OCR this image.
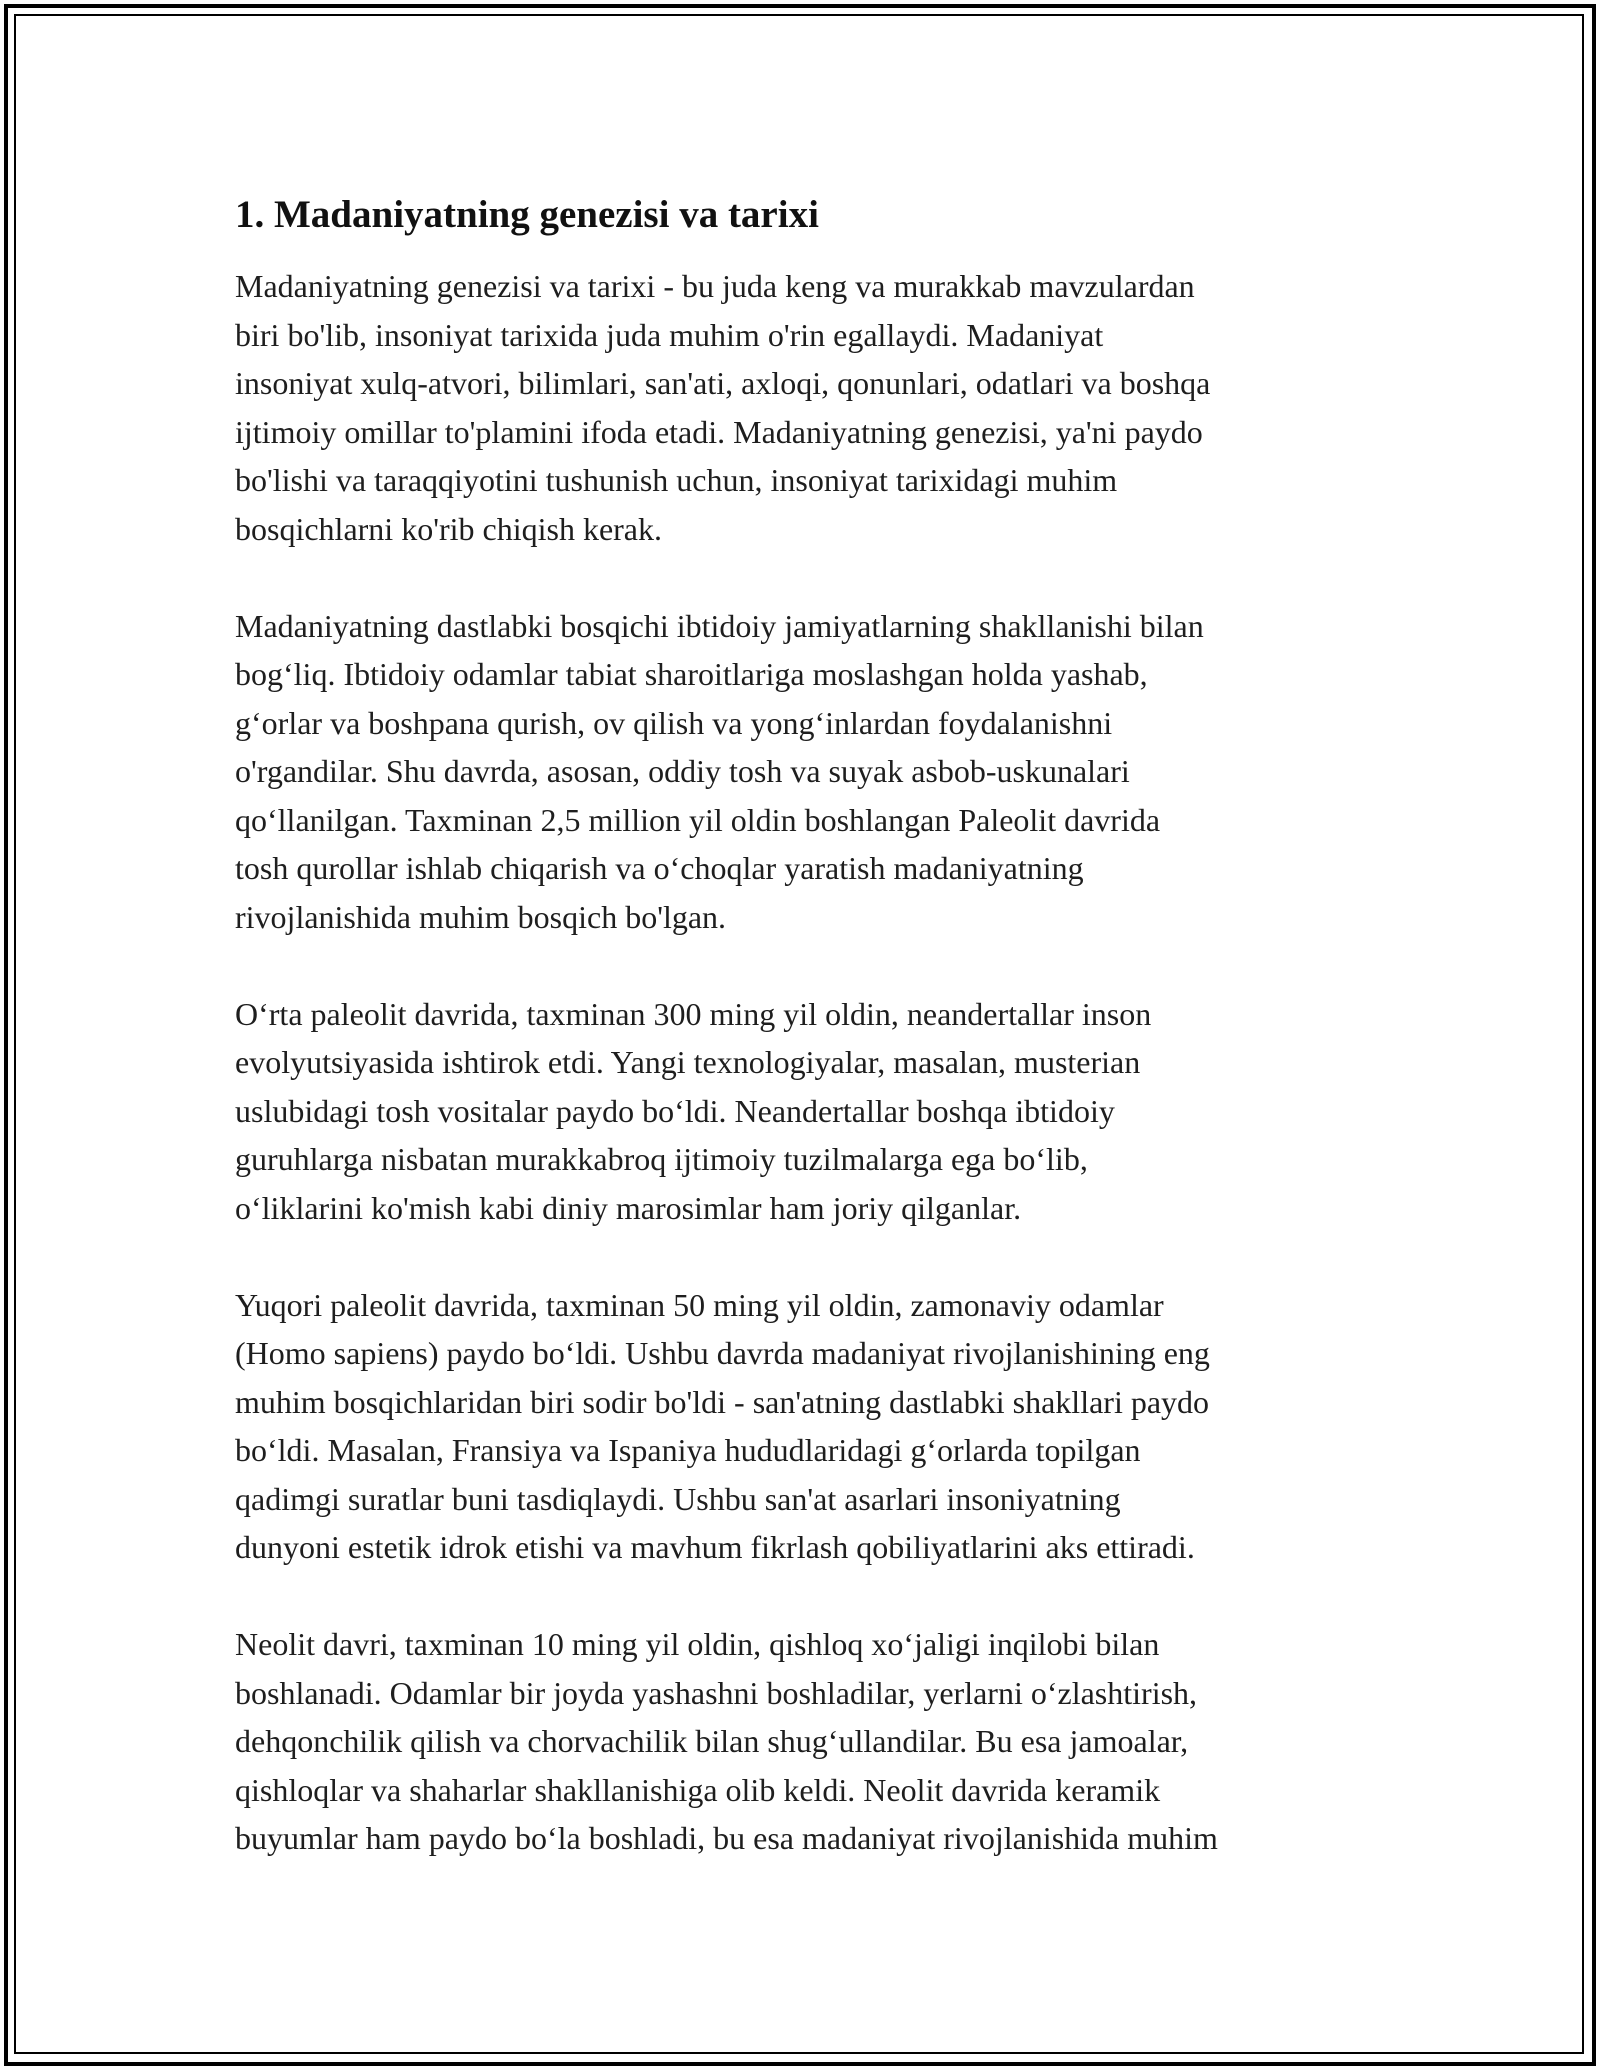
1. Madaniyatning genezisi va tarixi

Madaniyatning genezisi va tarixi - bu juda keng va murakkab mavzulardan
biri bo'lib, insoniyat tarixida juda muhim o'rin egallaydi. Madaniyat
insoniyat xulq-atvori, bilimlari, san'ati, axloqi, qonunlari, odatlari va boshqa
ijtimoiy omillar to'plamini ifoda etadi. Madaniyatning genezisi, ya'ni paydo
bo'lishi va taraqqiyotini tushunish uchun, insoniyat tarixidagi muhim
bosqichlarni ko'rib chiqish kerak.

Madaniyatning dastlabki bosqichi ibtidoiy jamiyatlarning shakllanishi bilan
bog‘liq. Ibtidoiy odamlar tabiat sharoitlariga moslashgan holda yashab,
g‘orlar va boshpana qurish, ov qilish va yong‘inlardan foydalanishni
o'rgandilar. Shu davrda, asosan, oddiy tosh va suyak asbob-uskunalari
qo‘llanilgan. Taxminan 2,5 million yil oldin boshlangan Paleolit davrida
tosh qurollar ishlab chiqarish va o‘choqlar yaratish madaniyatning
rivojlanishida muhim bosqich bo'lgan.

O‘rta paleolit davrida, taxminan 300 ming yil oldin, neandertallar inson
evolyutsiyasida ishtirok etdi. Yangi texnologiyalar, masalan, musterian
uslubidagi tosh vositalar paydo bo‘ldi. Neandertallar boshqa ibtidoiy
guruhlarga nisbatan murakkabroq ijtimoiy tuzilmalarga ega bo‘lib,
o‘liklarini ko'mish kabi diniy marosimlar ham joriy qilganlar.

Yuqori paleolit davrida, taxminan 50 ming yil oldin, zamonaviy odamlar
(Homo sapiens) paydo bo‘ldi. Ushbu davrda madaniyat rivojlanishining eng
muhim bosqichlaridan biri sodir bo'ldi - san'atning dastlabki shakllari paydo
bo‘ldi. Masalan, Fransiya va Ispaniya hududlaridagi g‘orlarda topilgan
qadimgi suratlar buni tasdiqlaydi. Ushbu san'at asarlari insoniyatning
dunyoni estetik idrok etishi va mavhum fikrlash qobiliyatlarini aks ettiradi.

Neolit davri, taxminan 10 ming yil oldin, qishloq xo‘jaligi inqilobi bilan
boshlanadi. Odamlar bir joyda yashashni boshladilar, yerlarni o‘zlashtirish,
dehqonchilik qilish va chorvachilik bilan shug‘ullandilar. Bu esa jamoalar,
qishloqlar va shaharlar shakllanishiga olib keldi. Neolit davrida keramik
buyumlar ham paydo bo‘la boshladi, bu esa madaniyat rivojlanishida muhim
